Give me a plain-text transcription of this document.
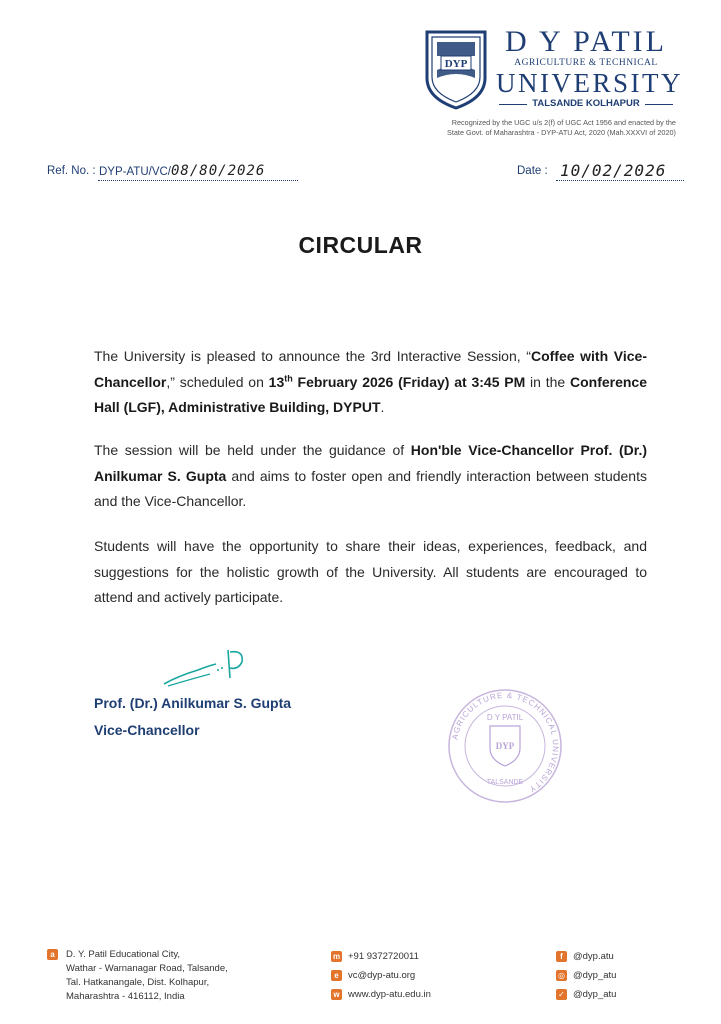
DYP
D Y PATIL
AGRICULTURE & TECHNICAL
UNIVERSITY
TALSANDE KOLHAPUR
Recognized by the UGC u/s 2(f) of UGC Act 1956 and enacted by the
State Govt. of Maharashtra - DYP-ATU Act, 2020 (Mah.XXXVI of 2020)
Ref. No. : DYP-ATU/VC/08/80/2026	Date : 10/02/2026
CIRCULAR
The University is pleased to announce the 3rd Interactive Session, “Coffee with Vice-Chancellor,” scheduled on 13th February 2026 (Friday) at 3:45 PM in the Conference Hall (LGF), Administrative Building, DYPUT.
The session will be held under the guidance of Hon'ble Vice-Chancellor Prof. (Dr.) Anilkumar S. Gupta and aims to foster open and friendly interaction between students and the Vice-Chancellor.
Students will have the opportunity to share their ideas, experiences, feedback, and suggestions for the holistic growth of the University. All students are encouraged to attend and actively participate.
Prof. (Dr.) Anilkumar S. Gupta
Vice-Chancellor	AGRICULTURE & TECHNICAL UNIVERSITY
D Y PATIL
DYP
TALSANDE
a	D. Y. Patil Educational City,
Wathar - Warnanagar Road, Talsande,
Tal. Hatkanangale, Dist. Kolhapur,
Maharashtra - 416112, India
m +91 9372720011
e vc@dyp-atu.org
w www.dyp-atu.edu.in
f	@dyp.atu
◎ @dyp_atu
✓ @dyp_atu
